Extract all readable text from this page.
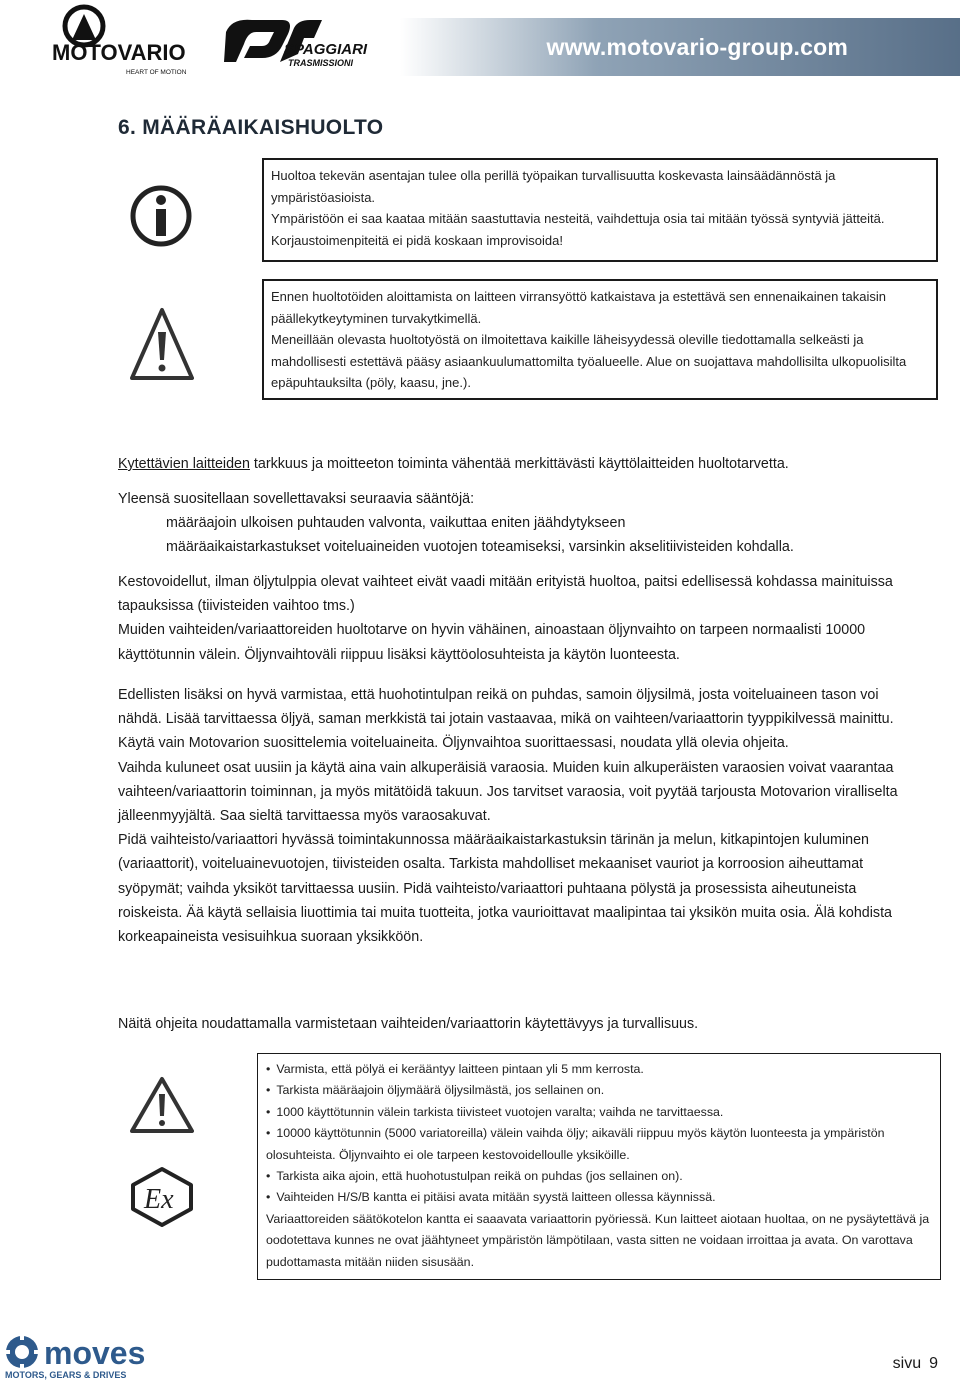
MOTOVARIO
HEART OF MOTION
SPAGGIARI
TRASMISSIONI
www.motovario-group.com
6. MÄÄRÄAIKAISHUOLTO

Huoltoa tekevän asentajan tulee olla perillä työpaikan turvallisuutta koskevasta lainsäädännöstä ja ympäristöasioista.

Ympäristöön ei saa kaataa mitään saastuttavia nesteitä, vaihdettuja osia tai mitään työssä syntyviä jätteitä.

Korjaustoimenpiteitä ei pidä koskaan improvisoida!

Ennen huoltotöiden aloittamista on laitteen virransyöttö katkaistava ja estettävä sen ennenaikainen takaisin päällekytkeytyminen turvakytkimellä.

Meneillään olevasta huoltotyöstä on ilmoitettava kaikille läheisyydessä oleville tiedottamalla selkeästi ja mahdollisesti estettävä pääsy asiaankuulumattomilta työalueelle. Alue on suojattava mahdollisilta ulkopuolisilta epäpuhtauksilta (pöly, kaasu, jne.).

Kytettävien laitteiden tarkkuus ja moitteeton toiminta vähentää merkittävästi käyttölaitteiden huoltotarvetta.

Yleensä suositellaan sovellettavaksi seuraavia sääntöjä:

määräajoin ulkoisen puhtauden valvonta, vaikuttaa eniten jäähdytykseen

määräaikaistarkastukset voiteluaineiden vuotojen toteamiseksi, varsinkin akselitiivisteiden kohdalla.

Kestovoidellut, ilman öljytulppia olevat vaihteet eivät vaadi mitään erityistä huoltoa, paitsi edellisessä kohdassa mainituissa tapauksissa (tiivisteiden vaihtoo tms.)

Muiden vaihteiden/variaattoreiden huoltotarve on hyvin vähäinen, ainoastaan öljynvaihto on tarpeen normaalisti 10000 käyttötunnin välein. Öljynvaihtoväli riippuu lisäksi käyttöolosuhteista ja käytön luonteesta.

Edellisten lisäksi on hyvä varmistaa, että huohotintulpan reikä on puhdas, samoin öljysilmä, josta voiteluaineen tason voi nähdä. Lisää tarvittaessa öljyä, saman merkkistä tai jotain vastaavaa, mikä on vaihteen/variaattorin tyyppikilvessä mainittu. Käytä vain Motovarion suosittelemia voiteluaineita. Öljynvaihtoa suorittaessasi, noudata yllä olevia ohjeita.

Vaihda kuluneet osat uusiin ja käytä aina vain alkuperäisiä varaosia. Muiden kuin alkuperäisten varaosien voivat vaarantaa vaihteen/variaattorin toiminnan, ja myös mitätöidä takuun. Jos tarvitset varaosia, voit pyytää tarjousta Motovarion viralliselta jälleenmyyjältä. Saa sieltä tarvittaessa myös varaosakuvat.

Pidä vaihteisto/variaattori hyvässä toimintakunnossa määräaikaistarkastuksin tärinän ja melun, kitkapintojen kuluminen (variaattorit), voiteluainevuotojen, tiivisteiden osalta. Tarkista mahdolliset mekaaniset vauriot ja korroosion aiheuttamat syöpymät; vaihda yksiköt tarvittaessa uusiin. Pidä vaihteisto/variaattori puhtaana pölystä ja prosessista aiheutuneista roiskeista. Ää käytä sellaisia liuottimia tai muita tuotteita, jotka vaurioittavat maalipintaa tai yksikön muita osia. Älä kohdista korkeapaineista vesisuihkua suoraan yksikköön.

Näitä ohjeita noudattamalla varmistetaan vaihteiden/variaattorin käytettävyys ja turvallisuus.

Ex
• Varmista, että pölyä ei kerääntyy laitteen pintaan yli 5 mm kerrosta.
• Tarkista määräajoin öljymäärä öljysilmästä, jos sellainen on.
• 1000 käyttötunnin välein tarkista tiivisteet vuotojen varalta; vaihda ne tarvittaessa.
• 10000 käyttötunnin (5000 variatoreilla) välein vaihda öljy; aikaväli riippuu myös käytön luonteesta ja ympäristön olosuhteista. Öljynvaihto ei ole tarpeen kestovoidelloulle yksiköille.
• Tarkista aika ajoin, että huohotustulpan reikä on puhdas (jos sellainen on).
• Vaihteiden H/S/B kantta ei pitäisi avata mitään syystä laitteen ollessa käynnissä.

Variaattoreiden säätökotelon kantta ei saaavata variaattorin pyöriessä. Kun laitteet aiotaan huoltaa, on ne pysäytettävä ja oodotettava kunnes ne ovat jäähtyneet ympäristön lämpötilaan, vasta sitten ne voidaan irroittaa ja avata. On varottava pudottamasta mitään niiden sisusään.

moves
MOTORS, GEARS & DRIVES
sivu 9
